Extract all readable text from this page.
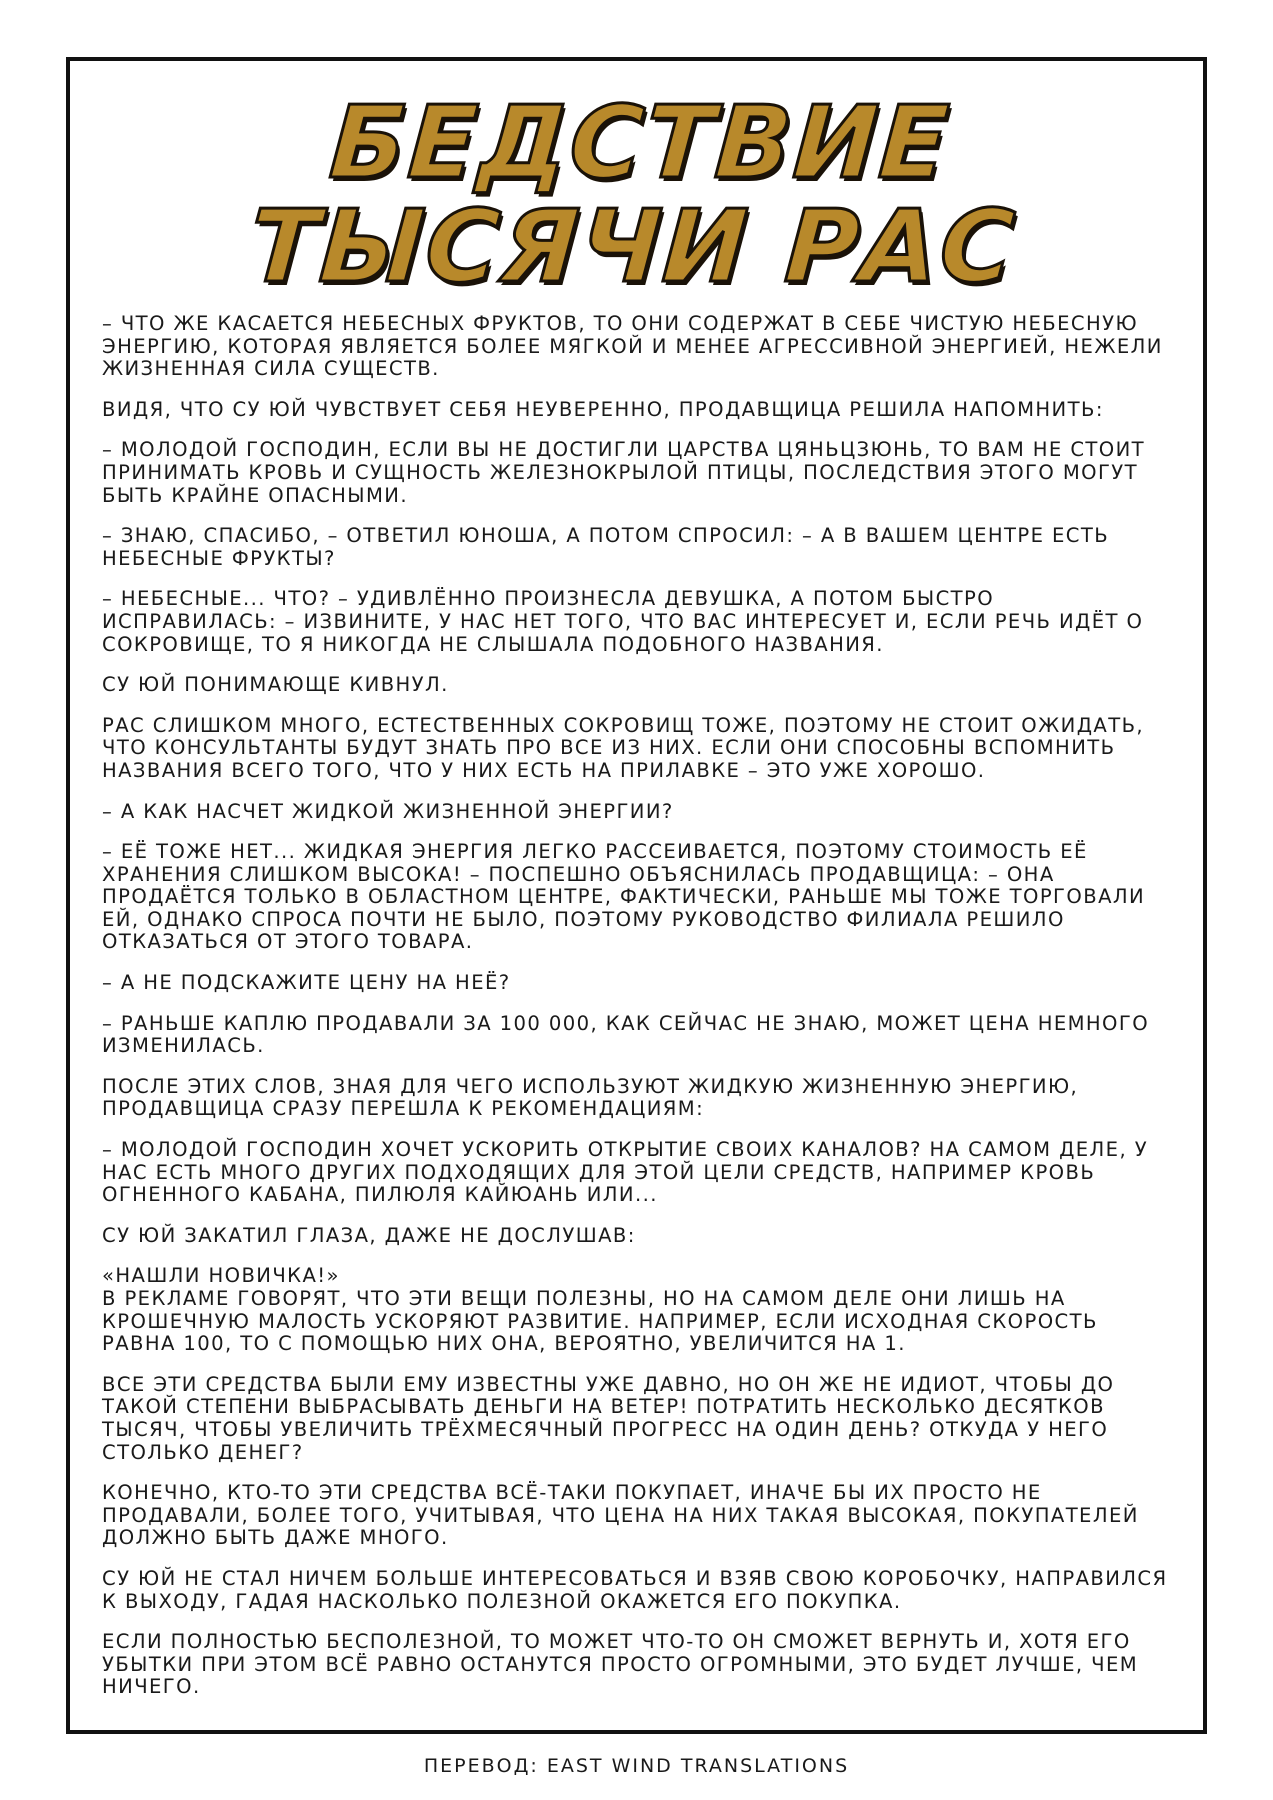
БЕДСТВИЕ
ТЫСЯЧИ РАС

– ЧТО ЖЕ КАСАЕТСЯ НЕБЕСНЫХ ФРУКТОВ, ТО ОНИ СОДЕРЖАТ В СЕБЕ ЧИСТУЮ НЕБЕСНУЮ ЭНЕРГИЮ, КОТОРАЯ ЯВЛЯЕТСЯ БОЛЕЕ МЯГКОЙ И МЕНЕЕ АГРЕССИВНОЙ ЭНЕРГИЕЙ, НЕЖЕЛИ ЖИЗНЕННАЯ СИЛА СУЩЕСТВ.

ВИДЯ, ЧТО СУ ЮЙ ЧУВСТВУЕТ СЕБЯ НЕУВЕРЕННО, ПРОДАВЩИЦА РЕШИЛА НАПОМНИТЬ:

– МОЛОДОЙ ГОСПОДИН, ЕСЛИ ВЫ НЕ ДОСТИГЛИ ЦАРСТВА ЦЯНЬЦЗЮНЬ, ТО ВАМ НЕ СТОИТ ПРИНИМАТЬ КРОВЬ И СУЩНОСТЬ ЖЕЛЕЗНОКРЫЛОЙ ПТИЦЫ, ПОСЛЕДСТВИЯ ЭТОГО МОГУТ БЫТЬ КРАЙНЕ ОПАСНЫМИ.

– ЗНАЮ, СПАСИБО, – ОТВЕТИЛ ЮНОША, А ПОТОМ СПРОСИЛ: – А В ВАШЕМ ЦЕНТРЕ ЕСТЬ НЕБЕСНЫЕ ФРУКТЫ?

– НЕБЕСНЫЕ... ЧТО? – УДИВЛЁННО ПРОИЗНЕСЛА ДЕВУШКА, А ПОТОМ БЫСТРО ИСПРАВИЛАСЬ: – ИЗВИНИТЕ, У НАС НЕТ ТОГО, ЧТО ВАС ИНТЕРЕСУЕТ И, ЕСЛИ РЕЧЬ ИДЁТ О СОКРОВИЩЕ, ТО Я НИКОГДА НЕ СЛЫШАЛА ПОДОБНОГО НАЗВАНИЯ.

СУ ЮЙ ПОНИМАЮЩЕ КИВНУЛ.

РАС СЛИШКОМ МНОГО, ЕСТЕСТВЕННЫХ СОКРОВИЩ ТОЖЕ, ПОЭТОМУ НЕ СТОИТ ОЖИДАТЬ, ЧТО КОНСУЛЬТАНТЫ БУДУТ ЗНАТЬ ПРО ВСЕ ИЗ НИХ. ЕСЛИ ОНИ СПОСОБНЫ ВСПОМНИТЬ НАЗВАНИЯ ВСЕГО ТОГО, ЧТО У НИХ ЕСТЬ НА ПРИЛАВКЕ – ЭТО УЖЕ ХОРОШО.

– А КАК НАСЧЕТ ЖИДКОЙ ЖИЗНЕННОЙ ЭНЕРГИИ?

– ЕЁ ТОЖЕ НЕТ... ЖИДКАЯ ЭНЕРГИЯ ЛЕГКО РАССЕИВАЕТСЯ, ПОЭТОМУ СТОИМОСТЬ ЕЁ ХРАНЕНИЯ СЛИШКОМ ВЫСОКА! – ПОСПЕШНО ОБЪЯСНИЛАСЬ ПРОДАВЩИЦА: – ОНА ПРОДАЁТСЯ ТОЛЬКО В ОБЛАСТНОМ ЦЕНТРЕ, ФАКТИЧЕСКИ, РАНЬШЕ МЫ ТОЖЕ ТОРГОВАЛИ ЕЙ, ОДНАКО СПРОСА ПОЧТИ НЕ БЫЛО, ПОЭТОМУ РУКОВОДСТВО ФИЛИАЛА РЕШИЛО ОТКАЗАТЬСЯ ОТ ЭТОГО ТОВАРА.

– А НЕ ПОДСКАЖИТЕ ЦЕНУ НА НЕЁ?

– РАНЬШЕ КАПЛЮ ПРОДАВАЛИ ЗА 100 000, КАК СЕЙЧАС НЕ ЗНАЮ, МОЖЕТ ЦЕНА НЕМНОГО ИЗМЕНИЛАСЬ.

ПОСЛЕ ЭТИХ СЛОВ, ЗНАЯ ДЛЯ ЧЕГО ИСПОЛЬЗУЮТ ЖИДКУЮ ЖИЗНЕННУЮ ЭНЕРГИЮ, ПРОДАВЩИЦА СРАЗУ ПЕРЕШЛА К РЕКОМЕНДАЦИЯМ:

– МОЛОДОЙ ГОСПОДИН ХОЧЕТ УСКОРИТЬ ОТКРЫТИЕ СВОИХ КАНАЛОВ? НА САМОМ ДЕЛЕ, У НАС ЕСТЬ МНОГО ДРУГИХ ПОДХОДЯЩИХ ДЛЯ ЭТОЙ ЦЕЛИ СРЕДСТВ, НАПРИМЕР КРОВЬ ОГНЕННОГО КАБАНА, ПИЛЮЛЯ КАЙЮАНЬ ИЛИ...

СУ ЮЙ ЗАКАТИЛ ГЛАЗА, ДАЖЕ НЕ ДОСЛУШАВ:

«НАШЛИ НОВИЧКА!»
В РЕКЛАМЕ ГОВОРЯТ, ЧТО ЭТИ ВЕЩИ ПОЛЕЗНЫ, НО НА САМОМ ДЕЛЕ ОНИ ЛИШЬ НА КРОШЕЧНУЮ МАЛОСТЬ УСКОРЯЮТ РАЗВИТИЕ. НАПРИМЕР, ЕСЛИ ИСХОДНАЯ СКОРОСТЬ РАВНА 100, ТО С ПОМОЩЬЮ НИХ ОНА, ВЕРОЯТНО, УВЕЛИЧИТСЯ НА 1.

ВСЕ ЭТИ СРЕДСТВА БЫЛИ ЕМУ ИЗВЕСТНЫ УЖЕ ДАВНО, НО ОН ЖЕ НЕ ИДИОТ, ЧТОБЫ ДО ТАКОЙ СТЕПЕНИ ВЫБРАСЫВАТЬ ДЕНЬГИ НА ВЕТЕР! ПОТРАТИТЬ НЕСКОЛЬКО ДЕСЯТКОВ ТЫСЯЧ, ЧТОБЫ УВЕЛИЧИТЬ ТРЁХМЕСЯЧНЫЙ ПРОГРЕСС НА ОДИН ДЕНЬ? ОТКУДА У НЕГО СТОЛЬКО ДЕНЕГ?

КОНЕЧНО, КТО-ТО ЭТИ СРЕДСТВА ВСЁ-ТАКИ ПОКУПАЕТ, ИНАЧЕ БЫ ИХ ПРОСТО НЕ ПРОДАВАЛИ, БОЛЕЕ ТОГО, УЧИТЫВАЯ, ЧТО ЦЕНА НА НИХ ТАКАЯ ВЫСОКАЯ, ПОКУПАТЕЛЕЙ ДОЛЖНО БЫТЬ ДАЖЕ МНОГО.

СУ ЮЙ НЕ СТАЛ НИЧЕМ БОЛЬШЕ ИНТЕРЕСОВАТЬСЯ И ВЗЯВ СВОЮ КОРОБОЧКУ, НАПРАВИЛСЯ К ВЫХОДУ, ГАДАЯ НАСКОЛЬКО ПОЛЕЗНОЙ ОКАЖЕТСЯ ЕГО ПОКУПКА.

ЕСЛИ ПОЛНОСТЬЮ БЕСПОЛЕЗНОЙ, ТО МОЖЕТ ЧТО-ТО ОН СМОЖЕТ ВЕРНУТЬ И, ХОТЯ ЕГО УБЫТКИ ПРИ ЭТОМ ВСЁ РАВНО ОСТАНУТСЯ ПРОСТО ОГРОМНЫМИ, ЭТО БУДЕТ ЛУЧШЕ, ЧЕМ НИЧЕГО.

ПЕРЕВОД: EAST WIND TRANSLATIONS
